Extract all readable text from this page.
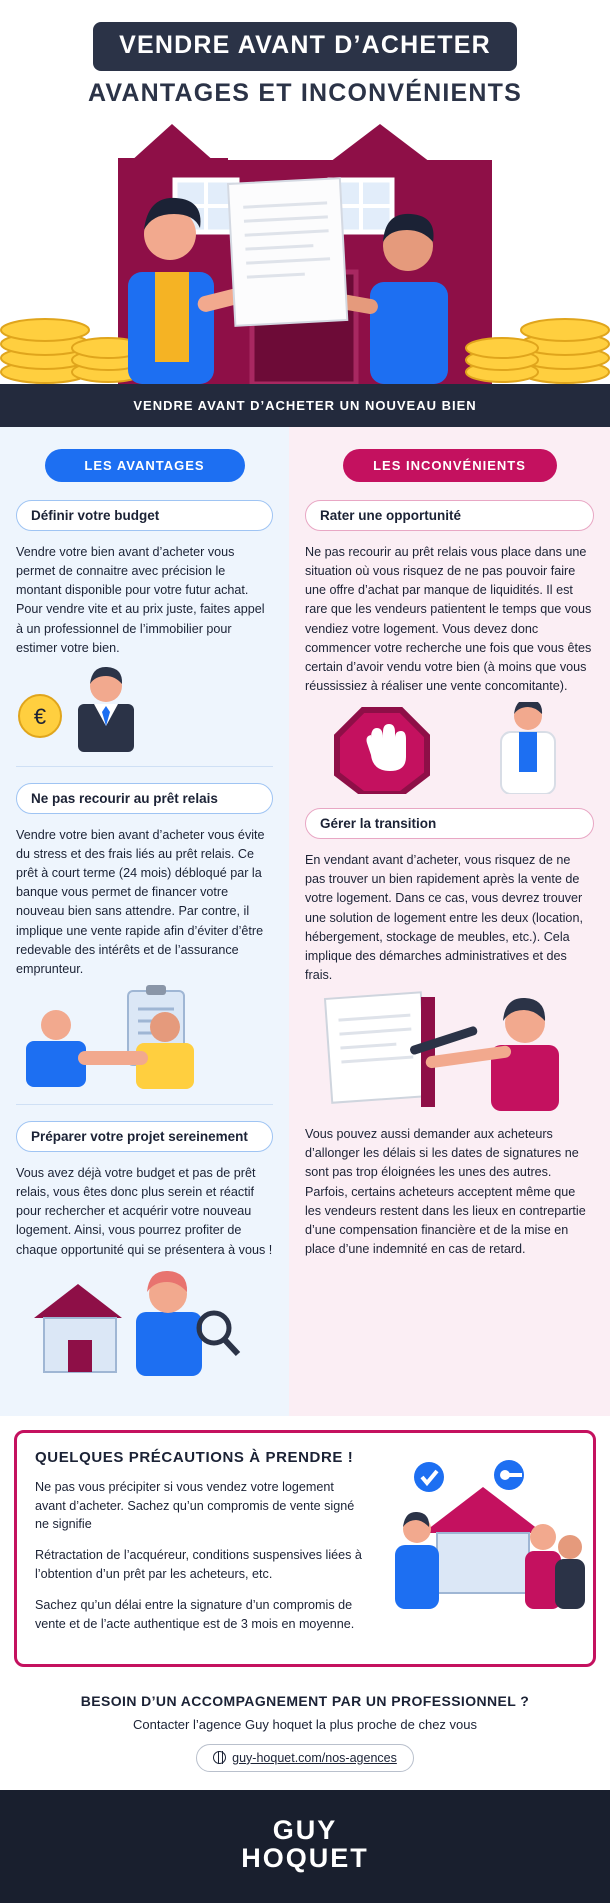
VENDRE AVANT D’ACHETER
AVANTAGES ET INCONVÉNIENTS
VENDRE AVANT D’ACHETER UN NOUVEAU BIEN
LES AVANTAGES
Définir votre budget
Vendre votre bien avant d’acheter vous permet de connaitre avec précision le montant disponible pour votre futur achat. Pour vendre vite et au prix juste, faites appel à un professionnel de l’immobilier pour estimer votre bien.
€
Ne pas recourir au prêt relais
Vendre votre bien avant d’acheter vous évite du stress et des frais liés au prêt relais. Ce prêt à court terme (24 mois) débloqué par la banque vous permet de financer votre nouveau bien sans attendre. Par contre, il implique une vente rapide afin d’éviter d’être redevable des intérêts et de l’assurance emprunteur.
Préparer votre projet sereinement
Vous avez déjà votre budget et pas de prêt relais, vous êtes donc plus serein et réactif pour rechercher et acquérir votre nouveau logement. Ainsi, vous pourrez profiter de chaque opportunité qui se présentera à vous !
LES INCONVÉNIENTS
Rater une opportunité
Ne pas recourir au prêt relais vous place dans une situation où vous risquez de ne pas pouvoir faire une offre d’achat par manque de liquidités. Il est rare que les vendeurs patientent le temps que vous vendiez votre logement. Vous devez donc commencer votre recherche une fois que vous êtes certain d’avoir vendu votre bien (à moins que vous réussissiez à réaliser une vente concomitante).
Gérer la transition
En vendant avant d’acheter, vous risquez de ne pas trouver un bien rapidement après la vente de votre logement. Dans ce cas, vous devrez trouver une solution de logement entre les deux (location, hébergement, stockage de meubles, etc.). Cela implique des démarches administratives et des frais.
Vous pouvez aussi demander aux acheteurs d’allonger les délais si les dates de signatures ne sont pas trop éloignées les unes des autres. Parfois, certains acheteurs acceptent même que les vendeurs restent dans les lieux en contrepartie d’une compensation financière et de la mise en place d’une indemnité en cas de retard.
QUELQUES PRÉCAUTIONS À PRENDRE !

Ne pas vous précipiter si vous vendez votre logement avant d’acheter. Sachez qu’un compromis de vente signé ne signifie

Rétractation de l’acquéreur, conditions suspensives liées à l’obtention d’un prêt par les acheteurs, etc.

Sachez qu’un délai entre la signature d’un compromis de vente et de l’acte authentique est de 3 mois en moyenne.

BESOIN D’UN ACCOMPAGNEMENT PAR UN PROFESSIONNEL ?
Contacter l’agence Guy hoquet la plus proche de chez vous
guy-hoquet.com/nos-agences
GUY
HOQUET
